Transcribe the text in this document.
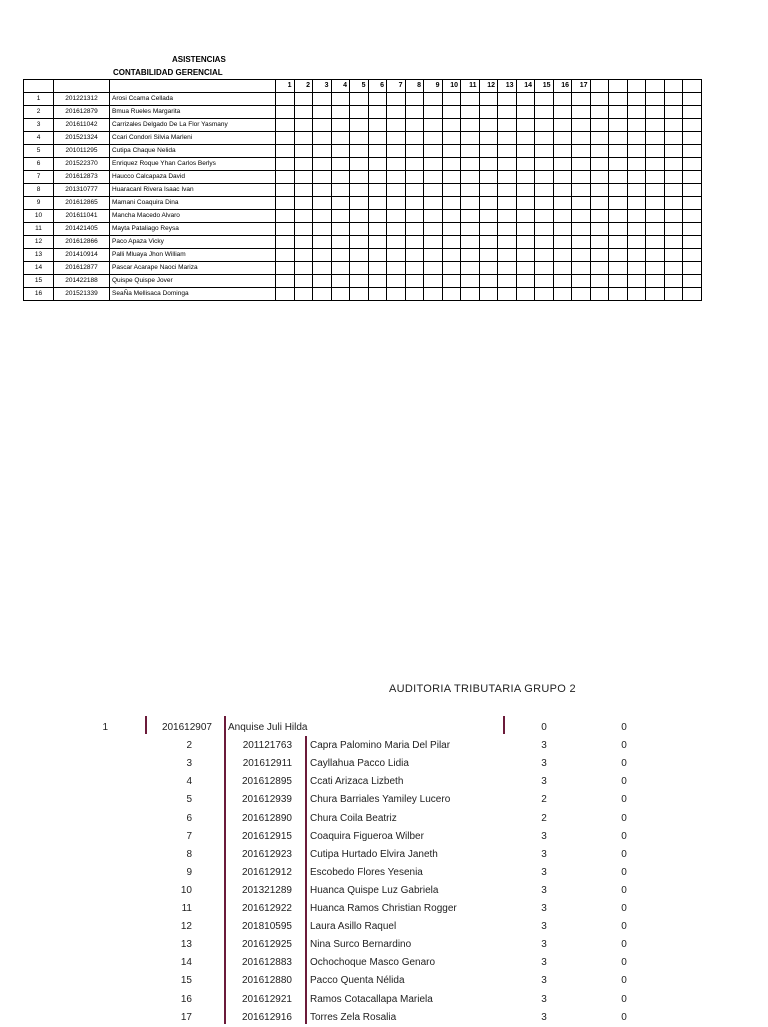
ASISTENCIAS
CONTABILIDAD GERENCIAL
			1	2	3	4	5	6	7	8	9	10	11	12	13	14	15	16	17						
1	201221312	Arosi Ccama Cellada																							
2	201612879	Bmua Rueles Margarita																							
3	201611042	Carrizales Delgado De La Flor Yasmany																							
4	201521324	Ccari Condori Silvia Marleni																							
5	201011295	Cutipa Chaque Nelida																							
6	201522370	Enriquez Roque Yhan Carlos Berlys																							
7	201612873	Haucco Calcapaza David																							
8	201310777	Huaracanl Rivera Isaac Ivan																							
9	201612865	Mamani Coaquira Dina																							
10	201611041	Mancha Macedo Alvaro																							
11	201421405	Mayta Pataliago Reysa																							
12	201612866	Paco Apaza Vicky																							
13	201410914	Palli Mluaya Jhon William																							
14	201612877	Pascar Acarape Naoci Mariza																							
15	201422188	Quispe Quispe Jover																							
16	201521339	SeaÑa Mellisaca Dominga																							
AUDITORIA TRIBUTARIA GRUPO 2
1	201612907 Anquise Juli Hilda	0	0
2	201121763 Capra Palomino Maria Del Pilar	3	0
3	201612911 Cayllahua Pacco Lidia	3	0
4	201612895 Ccati Arizaca Lizbeth	3	0
5	201612939 Chura Barriales Yamiley Lucero	2	0
6	201612890 Chura Coila Beatriz	2	0
7	201612915 Coaquira Figueroa Wilber	3	0
8	201612923 Cutipa Hurtado Elvira Janeth	3	0
9	201612912 Escobedo Flores Yesenia	3	0
10	201321289 Huanca Quispe Luz Gabriela	3	0
11	201612922 Huanca Ramos Christian Rogger	3	0
12	201810595 Laura Asillo Raquel	3	0
13	201612925 Nina Surco Bernardino	3	0
14	201612883 Ochochoque Masco Genaro	3	0
15	201612880 Pacco Quenta Nélida	3	0
16	201612921 Ramos Cotacallapa Mariela	3	0
17	201612916 Torres Zela Rosalia	3	0
